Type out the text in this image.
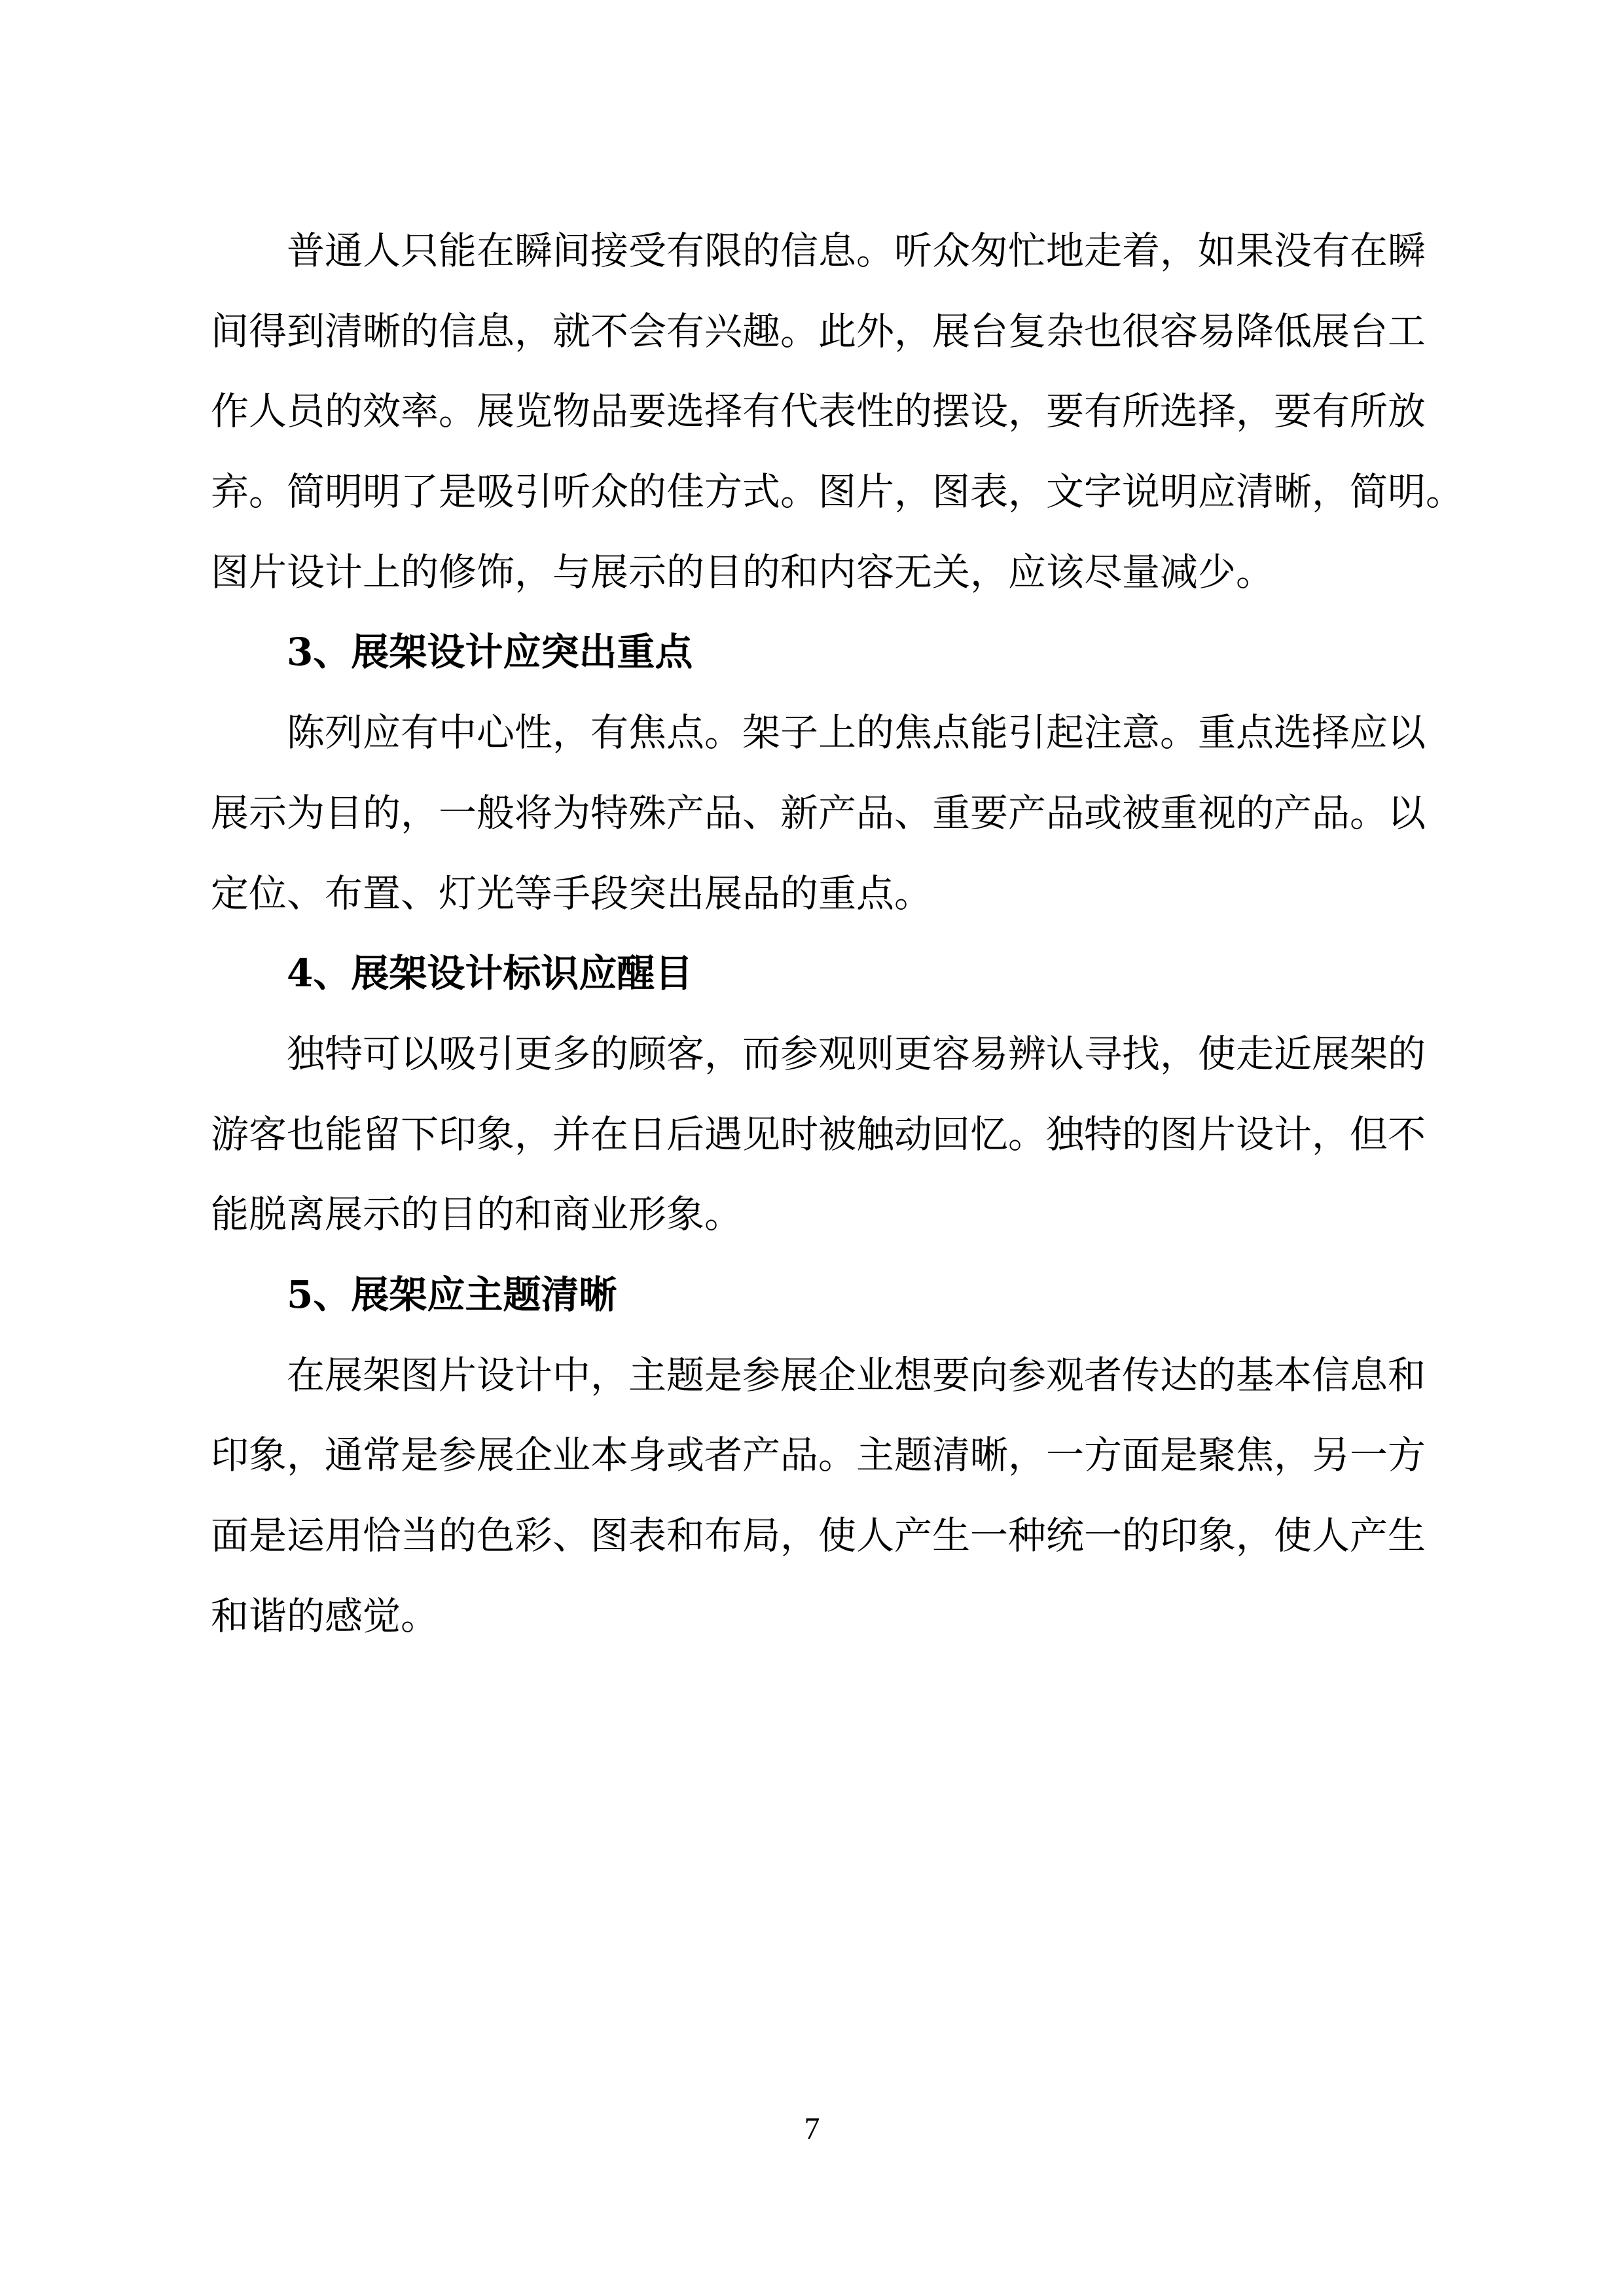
普通人只能在瞬间接受有限的信息。听众匆忙地走着，如果没有在瞬
间得到清晰的信息，就不会有兴趣。此外，展台复杂也很容易降低展台工
作人员的效率。展览物品要选择有代表性的摆设，要有所选择，要有所放
弃。简明明了是吸引听众的佳方式。图片，图表，文字说明应清晰，简明。
图片设计上的修饰，与展示的目的和内容无关，应该尽量减少。
3、展架设计应突出重点
陈列应有中心性，有焦点。架子上的焦点能引起注意。重点选择应以
展示为目的，一般将为特殊产品、新产品、重要产品或被重视的产品。以
定位、布置、灯光等手段突出展品的重点。
4、展架设计标识应醒目
独特可以吸引更多的顾客，而参观则更容易辨认寻找，使走近展架的
游客也能留下印象，并在日后遇见时被触动回忆。独特的图片设计，但不
能脱离展示的目的和商业形象。
5、展架应主题清晰
在展架图片设计中，主题是参展企业想要向参观者传达的基本信息和
印象，通常是参展企业本身或者产品。主题清晰，一方面是聚焦，另一方
面是运用恰当的色彩、图表和布局，使人产生一种统一的印象，使人产生
和谐的感觉。
7
